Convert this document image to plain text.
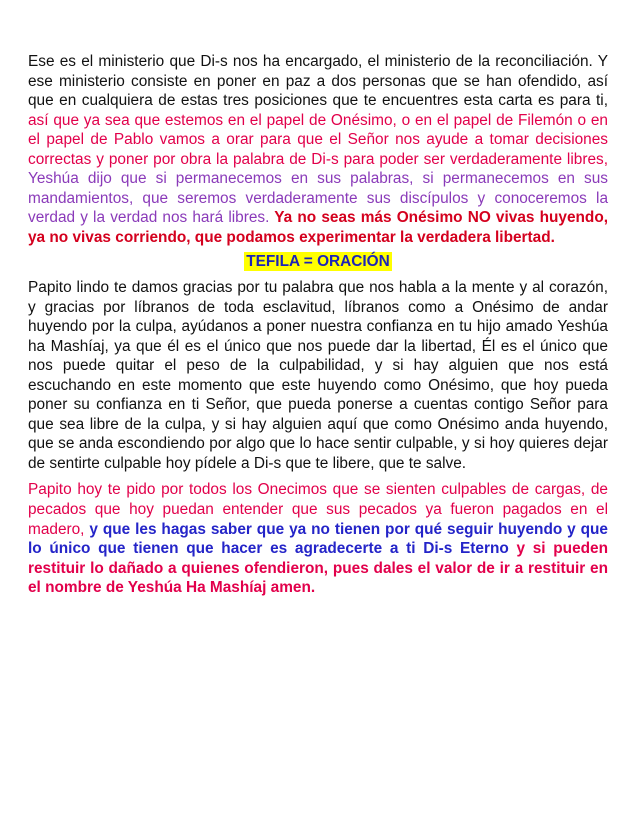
Ese es el ministerio que Di-s nos ha encargado, el ministerio de la reconciliación. Y ese ministerio consiste en poner en paz a dos personas que se han ofendido, así que en cualquiera de estas tres posiciones que te encuentres esta carta es para ti, así que ya sea que estemos en el papel de Onésimo, o en el papel de Filemón o en el papel de Pablo vamos a orar para que el Señor nos ayude a tomar decisiones correctas y poner por obra la palabra de Di-s para poder ser verdaderamente libres, Yeshúa dijo que si permanecemos en sus palabras, si permanecemos en sus mandamientos, que seremos verdaderamente sus discípulos y conoceremos la verdad y la verdad nos hará libres. Ya no seas más Onésimo NO vivas huyendo, ya no vivas corriendo, que podamos experimentar la verdadera libertad.

TEFILA = ORACIÓN

Papito lindo te damos gracias por tu palabra que nos habla a la mente y al corazón, y gracias por líbranos de toda esclavitud, líbranos como a Onésimo de andar huyendo por la culpa, ayúdanos a poner nuestra confianza en tu hijo amado Yeshúa ha Mashíaj, ya que él es el único que nos puede dar la libertad, Él es el único que nos puede quitar el peso de la culpabilidad, y si hay alguien que nos está escuchando en este momento que este huyendo como Onésimo, que hoy pueda poner su confianza en ti Señor, que pueda ponerse a cuentas contigo Señor para que sea libre de la culpa, y si hay alguien aquí que como Onésimo anda huyendo, que se anda escondiendo por algo que lo hace sentir culpable, y si hoy quieres dejar de sentirte culpable hoy pídele a Di-s que te libere, que te salve.

Papito hoy te pido por todos los Onecimos que se sienten culpables de cargas, de pecados que hoy puedan entender que sus pecados ya fueron pagados en el madero, y que les hagas saber que ya no tienen por qué seguir huyendo y que lo único que tienen que hacer es agradecerte a ti Di-s Eterno y si pueden restituir lo dañado a quienes ofendieron, pues dales el valor de ir a restituir en el nombre de Yeshúa Ha Mashíaj amen.
